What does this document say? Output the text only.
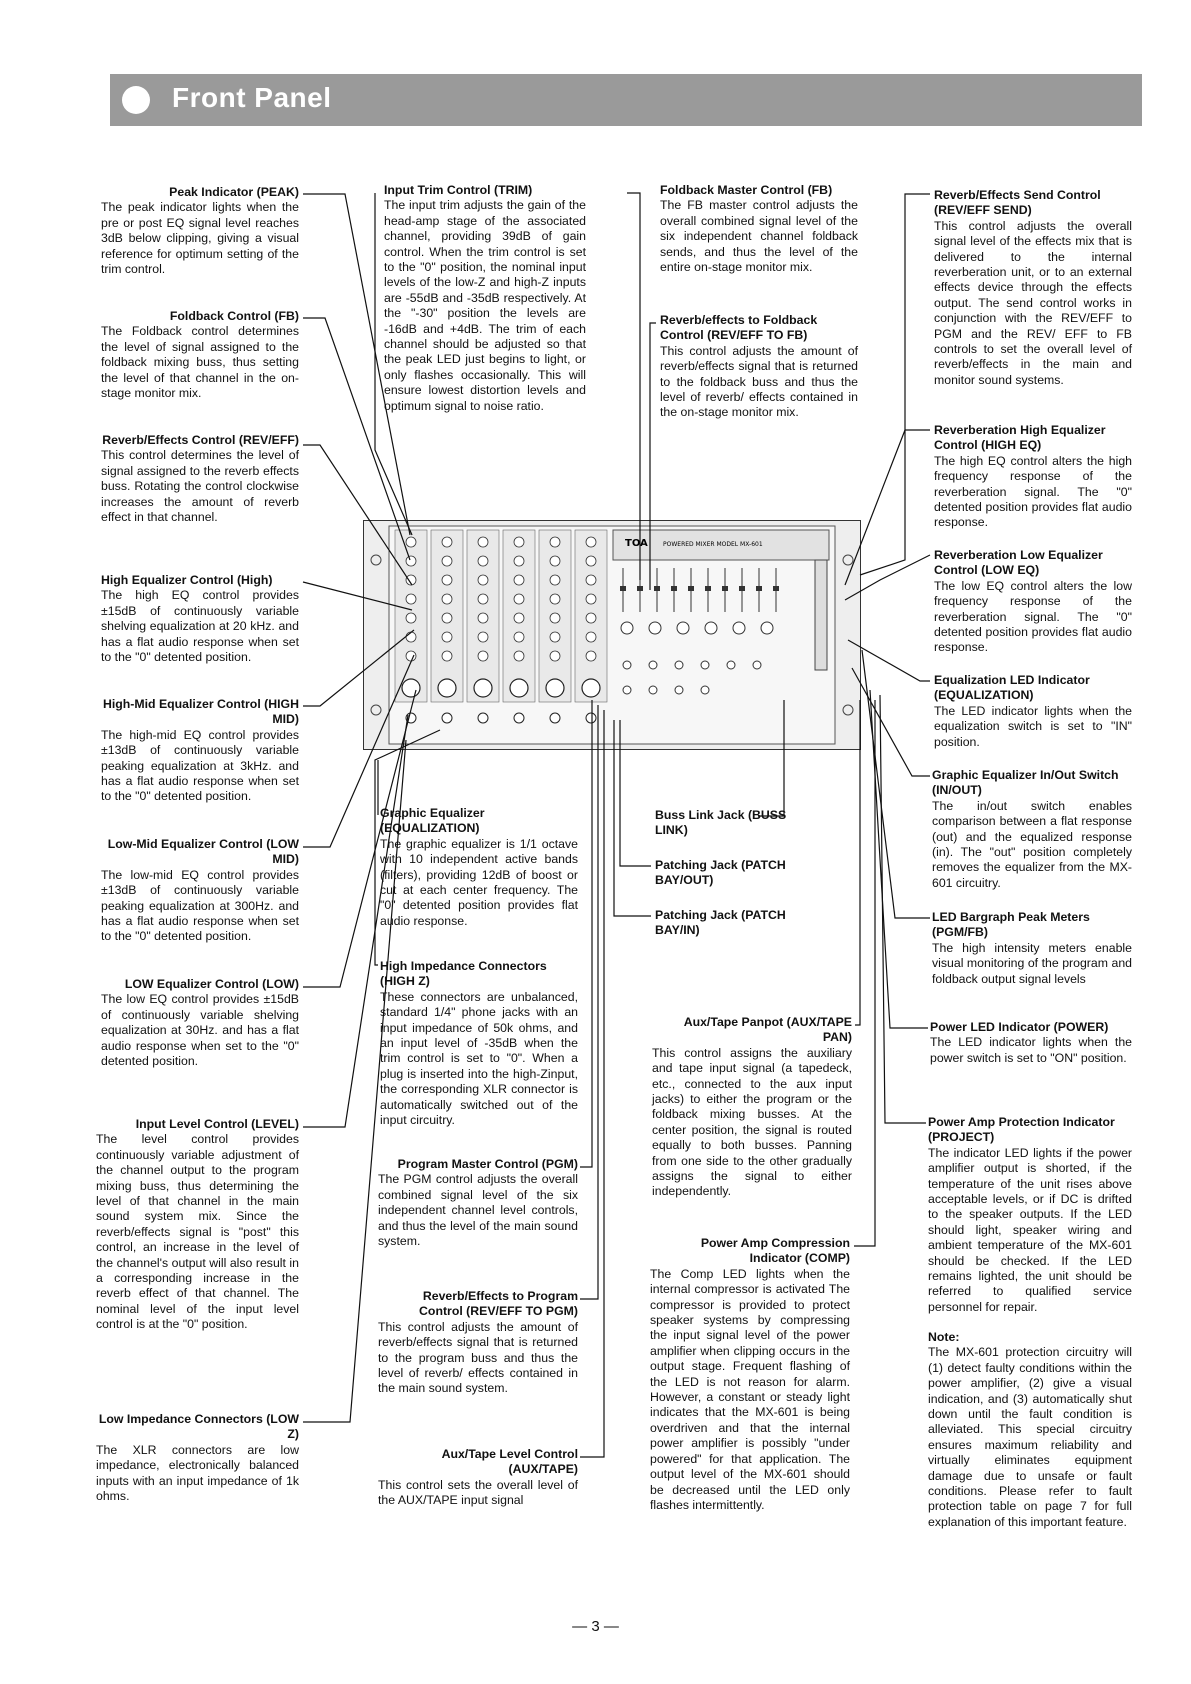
Front Panel
Peak Indicator (PEAK)
The peak indicator lights when the pre or post EQ signal level reaches 3dB below clipping, giving a visual reference for optimum setting of the trim control.
Foldback Control (FB)
The Foldback control determines the level of signal assigned to the foldback mixing buss, thus setting the level of that channel in the on-stage monitor mix.
Reverb/Effects Control (REV/EFF)
This control determines the level of signal assigned to the reverb effects buss. Rotating the control clockwise increases the amount of reverb effect in that channel.
High Equalizer Control (High)
The high EQ control provides ±15dB of continuously variable shelving equalization at 20 kHz. and has a flat audio response when set to the "0" detented position.
High-Mid Equalizer Control (HIGH MID)
The high-mid EQ control provides ±13dB of continuously variable peaking equalization at 3kHz. and has a flat audio response when set to the "0" detented position.
Low-Mid Equalizer Control (LOW MID)
The low-mid EQ control provides ±13dB of continuously variable peaking equalization at 300Hz. and has a flat audio response when set to the "0" detented position.
LOW Equalizer Control (LOW)
The low EQ control provides ±15dB of continuously variable shelving equalization at 30Hz. and has a flat audio response when set to the "0" detented position.
Input Level Control (LEVEL)
The level control provides continuously variable adjustment of the channel output to the program mixing buss, thus determining the level of that channel in the main sound system mix. Since the reverb/effects signal is "post" this control, an increase in the level of the channel's output will also result in a corresponding increase in the reverb effect of that channel. The nominal level of the input level control is at the "0" position.
Low Impedance Connectors (LOW Z)
The XLR connectors are low impedance, electronically balanced inputs with an input impedance of 1k ohms.
Input Trim Control (TRIM)
The input trim adjusts the gain of the head-amp stage of the associated channel, providing 39dB of gain control. When the trim control is set to the "0" position, the nominal input levels of the low-Z and high-Z inputs are -55dB and -35dB respectively. At the "-30" position the levels are -16dB and +4dB. The trim of each channel should be adjusted so that the peak LED just begins to light, or only flashes occasionally. This will ensure lowest distortion levels and optimum signal to noise ratio.
Graphic Equalizer (EQUALIZATION)
The graphic equalizer is 1/1 octave with 10 independent active bands (filters), providing 12dB of boost or cut at each center frequency. The "0" detented position provides flat audio response.
High Impedance Connectors (HIGH Z)
These connectors are unbalanced, standard 1/4" phone jacks with an input impedance of 50k ohms, and an input level of -35dB when the trim control is set to "0". When a plug is inserted into the high-Zinput, the corresponding XLR connector is automatically switched out of the input circuitry.
Program Master Control (PGM)
The PGM control adjusts the overall combined signal level of the six independent channel level controls, and thus the level of the main sound system.
Reverb/Effects to Program Control (REV/EFF TO PGM)
This control adjusts the amount of reverb/effects signal that is returned to the program buss and thus the level of reverb/ effects contained in the main sound system.
Aux/Tape Level Control (AUX/TAPE)
This control sets the overall level of the AUX/TAPE input signal
Foldback Master Control (FB)
The FB master control adjusts the overall combined signal level of the six independent channel foldback sends, and thus the level of the entire on-stage monitor mix.
Reverb/effects to Foldback Control (REV/EFF TO FB)
This control adjusts the amount of reverb/effects signal that is returned to the foldback buss and thus the level of reverb/ effects contained in the on-stage monitor mix.
Buss Link Jack (BUSS LINK)
Patching Jack (PATCH BAY/OUT)
Patching Jack (PATCH BAY/IN)
Aux/Tape Panpot (AUX/TAPE PAN)
This control assigns the auxiliary and tape input signal (a tapedeck, etc., connected to the aux input jacks) to either the program or the foldback mixing busses. At the center position, the signal is routed equally to both busses. Panning from one side to the other gradually assigns the signal to either independently.
Power Amp Compression Indicator (COMP)
The Comp LED lights when the internal compressor is activated The compressor is provided to protect speaker systems by compressing the input signal level of the power amplifier when clipping occurs in the output stage. Frequent flashing of the LED is not reason for alarm. However, a constant or steady light indicates that the MX-601 is being overdriven and that the internal power amplifier is possibly "under powered" for that application. The output level of the MX-601 should be decreased until the LED only flashes intermittently.
Reverb/Effects Send Control (REV/EFF SEND)
This control adjusts the overall signal level of the effects mix that is delivered to the internal reverberation unit, or to an external effects device through the effects output. The send control works in conjunction with the REV/EFF to PGM and the REV/ EFF to FB controls to set the overall level of reverb/effects in the main and monitor sound systems.
Reverberation High Equalizer Control (HIGH EQ)
The high EQ control alters the high frequency response of the reverberation signal. The "0" detented position provides flat audio response.
Reverberation Low Equalizer Control (LOW EQ)
The low EQ control alters the low frequency response of the reverberation signal. The "0" detented position provides flat audio response.
Equalization LED Indicator (EQUALIZATION)
The LED indicator lights when the equalization switch is set to "IN" position.
Graphic Equalizer In/Out Switch (IN/OUT)
The in/out switch enables comparison between a flat response (out) and the equalized response (in). The "out" position completely removes the equalizer from the MX-601 circuitry.
LED Bargraph Peak Meters (PGM/FB)
The high intensity meters enable visual monitoring of the program and foldback output signal levels
Power LED Indicator (POWER)
The LED indicator lights when the power switch is set to "ON" position.
Power Amp Protection Indicator (PROJECT)
The indicator LED lights if the power amplifier output is shorted, if the temperature of the unit rises above acceptable levels, or if DC is drifted to the speaker outputs. If the LED should light, speaker wiring and ambient temperature of the MX-601 should be checked. If the LED remains lighted, the unit should be referred to qualified service personnel for repair.
Note:
The MX-601 protection circuitry will (1) detect faulty conditions within the power amplifier, (2) give a visual indication, and (3) automatically shut down until the fault condition is alleviated. This special circuitry ensures maximum reliability and virtually eliminates equipment damage due to unsafe or fault conditions. Please refer to fault protection table on page 7 for full explanation of this important feature.
TOA	POWERED MIXER MODEL MX-601
— 3 —
